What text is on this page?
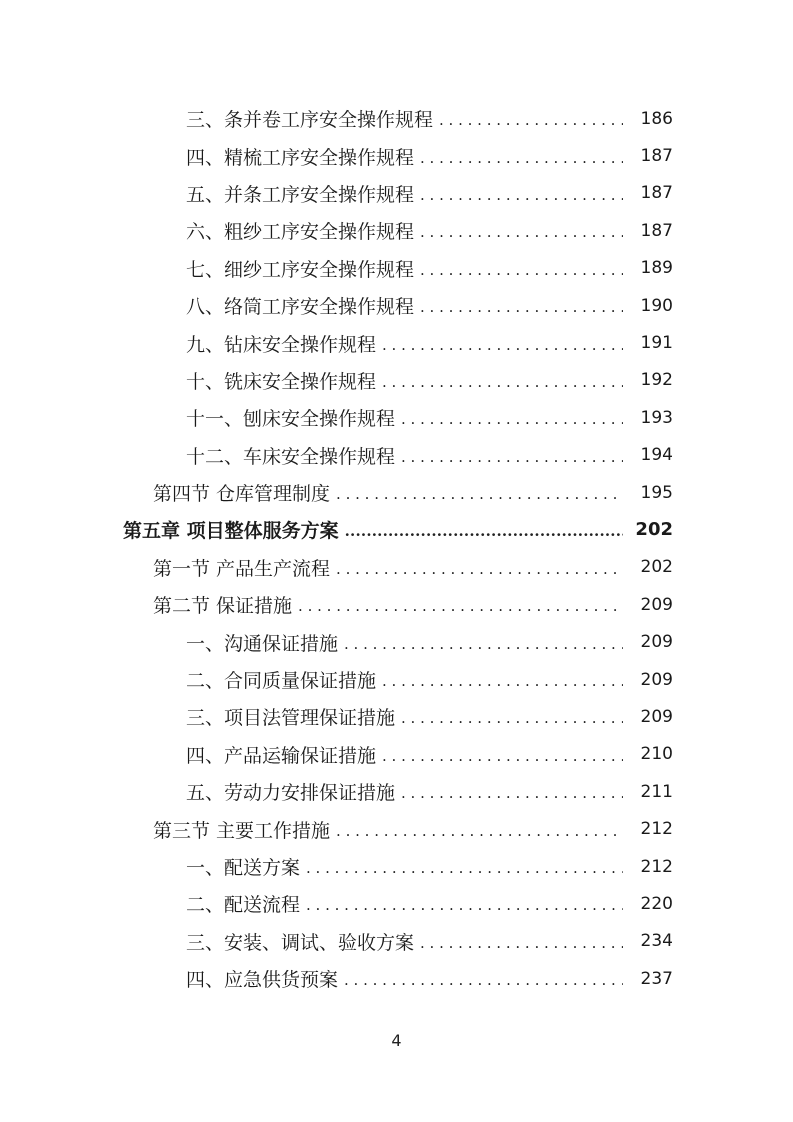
三、条并卷工序安全操作规程 . . .	186
四、精梳工序安全操作规程 . . .	187
五、并条工序安全操作规程 . . .	187
六、粗纱工序安全操作规程 . . .	187
七、细纱工序安全操作规程 . . .	189
八、络筒工序安全操作规程 . . .	190
九、钻床安全操作规程 . . .	191
十、铣床安全操作规程 . . .	192
十一、刨床安全操作规程 . . .	193
十二、车床安全操作规程 . . .	194
第四节 仓库管理制度 . . .	195
第五章 项目整体服务方案 .....	202
第一节 产品生产流程 . . .	202
第二节 保证措施 . . .	209
一、沟通保证措施 . . .	209
二、合同质量保证措施 . . .	209
三、项目法管理保证措施 . . .	209
四、产品运输保证措施 . . .	210
五、劳动力安排保证措施 . . .	211
第三节 主要工作措施 . . .	212
一、配送方案 . . .	212
二、配送流程 . . .	220
三、安装、调试、验收方案 . . .	234
四、应急供货预案 . . .	237
4
